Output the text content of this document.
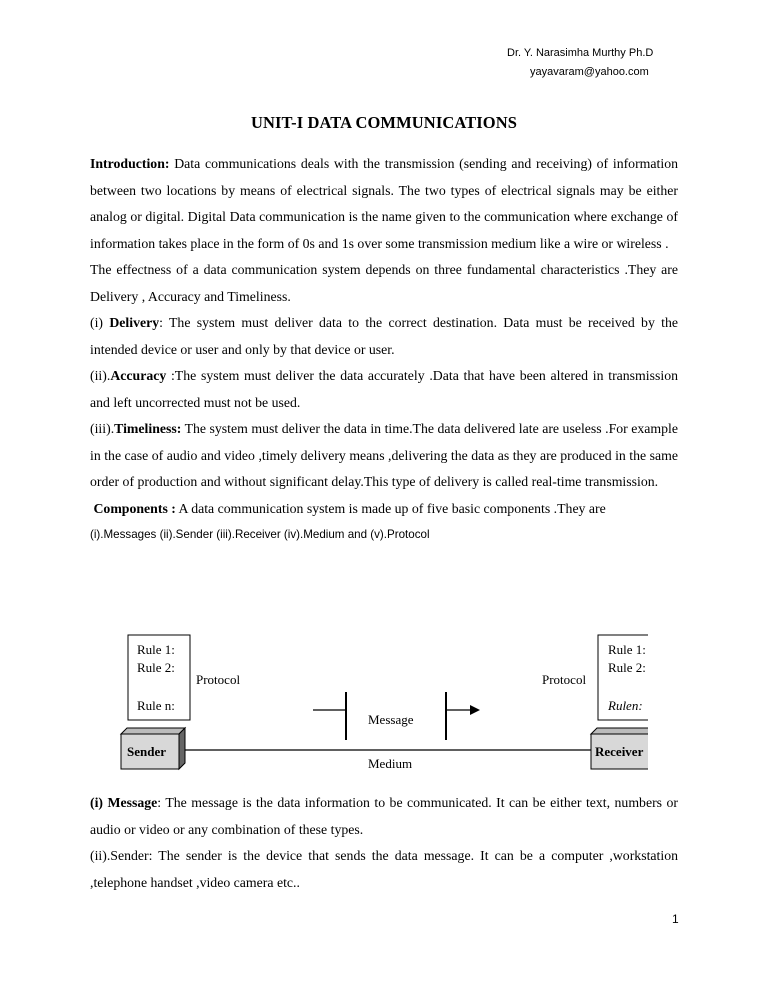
Dr. Y. Narasimha Murthy Ph.D
yayavaram@yahoo.com
UNIT-I DATA COMMUNICATIONS

Introduction: Data communications deals with the transmission (sending and receiving) of information between two locations by means of electrical signals. The two types of electrical signals may be either analog or digital. Digital Data communication is the name given to the communication where exchange of information takes place in the form of 0s and 1s over some transmission medium like a wire or wireless .

The effectness of a data communication system depends on three fundamental characteristics .They are Delivery , Accuracy and Timeliness.

(i) Delivery: The system must deliver data to the correct destination. Data must be received by the intended device or user and only by that device or user.

(ii).Accuracy :The system must deliver the data accurately .Data that have been altered in transmission and left uncorrected must not be used.

(iii).Timeliness: The system must deliver the data in time.The data delivered late are useless .For example in the case of audio and video ,timely delivery means ,delivering the data as they are produced in the same order of production and without significant delay.This type of delivery is called real-time transmission.

Components : A data communication system is made up of five basic components .They are

(i).Messages (ii).Sender (iii).Receiver (iv).Medium and (v).Protocol

Rule 1:
Rule 2:
Rule n:
Protocol
Rule 1:
Rule 2:
Rulen:
Protocol
Sender	Receiver
Medium
Message

(i) Message: The message is the data information to be communicated. It can be either text, numbers or audio or video or any combination of these types.

(ii).Sender: The sender is the device that sends the data message. It can be a computer ,workstation ,telephone handset ,video camera etc..

1
